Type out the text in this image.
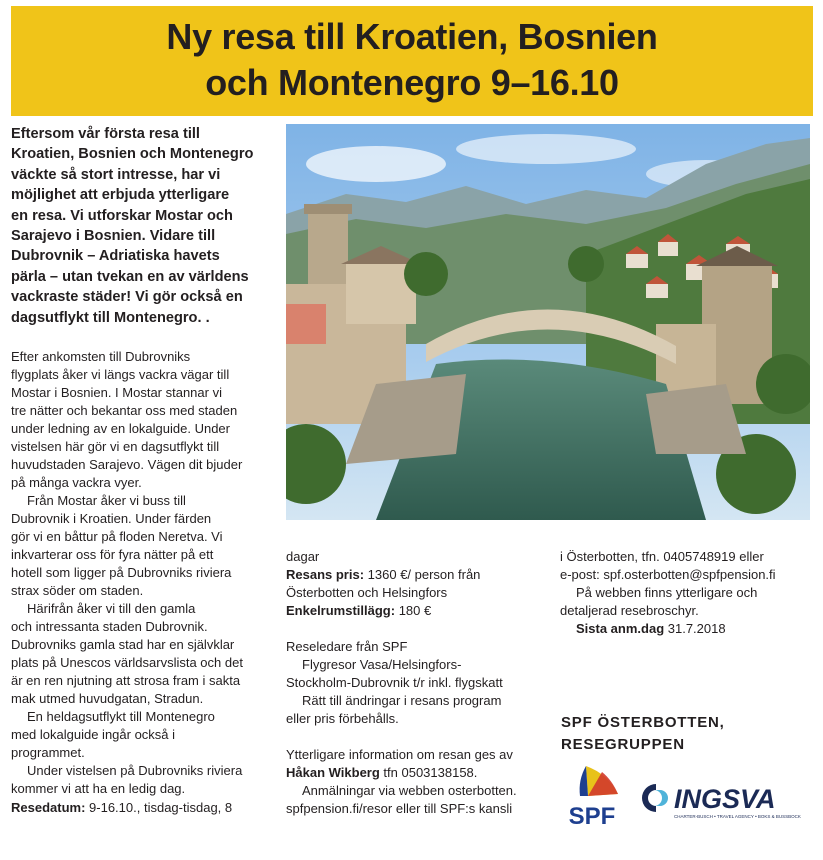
Ny resa till Kroatien, Bosnien
och Montenegro 9–16.10
Eftersom vår första resa till
Kroatien, Bosnien och Montenegro
väckte så stort intresse, har vi
möjlighet att erbjuda ytterligare
en resa. Vi utforskar Mostar och
Sarajevo i Bosnien. Vidare till
Dubrovnik – Adriatiska havets
pärla – utan tvekan en av världens
vackraste städer! Vi gör också en
dagsutflykt till Montenegro. .

Efter ankomsten till Dubrovniks
flygplats åker vi längs vackra vägar till
Mostar i Bosnien. I Mostar stannar vi
tre nätter och bekantar oss med staden
under ledning av en lokalguide. Under
vistelsen här gör vi en dagsutflykt till
huvudstaden Sarajevo. Vägen dit bjuder
på många vackra vyer.

Från Mostar åker vi buss till
Dubrovnik i Kroatien. Under färden
gör vi en båttur på floden Neretva. Vi
inkvarterar oss för fyra nätter på ett
hotell som ligger på Dubrovniks riviera
strax söder om staden.

Härifrån åker vi till den gamla
och intressanta staden Dubrovnik.
Dubrovniks gamla stad har en självklar
plats på Unescos världsarvslista och det
är en ren njutning att strosa fram i sakta
mak utmed huvudgatan, Stradun.

En heldagsutflykt till Montenegro
med lokalguide ingår också i
programmet.

Under vistelsen på Dubrovniks riviera
kommer vi att ha en ledig dag.

Resedatum: 9-16.10., tisdag-tisdag, 8

dagar

Resans pris: 1360 €/ person från

Österbotten och Helsingfors

Enkelrumstillägg: 180 €

Reseledare från SPF

Flygresor Vasa/Helsingfors-
Stockholm-Dubrovnik t/r inkl. flygskatt

Rätt till ändringar i resans program
eller pris förbehålls.

Ytterligare information om resan ges av

Håkan Wikberg tfn 0503138158.

Anmälningar via webben osterbotten.
spfpension.fi/resor eller till SPF:s kansli

i Österbotten, tfn. 0405748919 eller

e-post: spf.osterbotten@spfpension.fi

På webben finns ytterligare och
detaljerad resebroschyr.

Sista anm.dag 31.7.2018

SPF ÖSTERBOTTEN,
RESEGRUPPEN
SPF
INGSVA
CHARTER-BUSCH • TRAVEL AGENCY • BOKS & BUSSBOCK
